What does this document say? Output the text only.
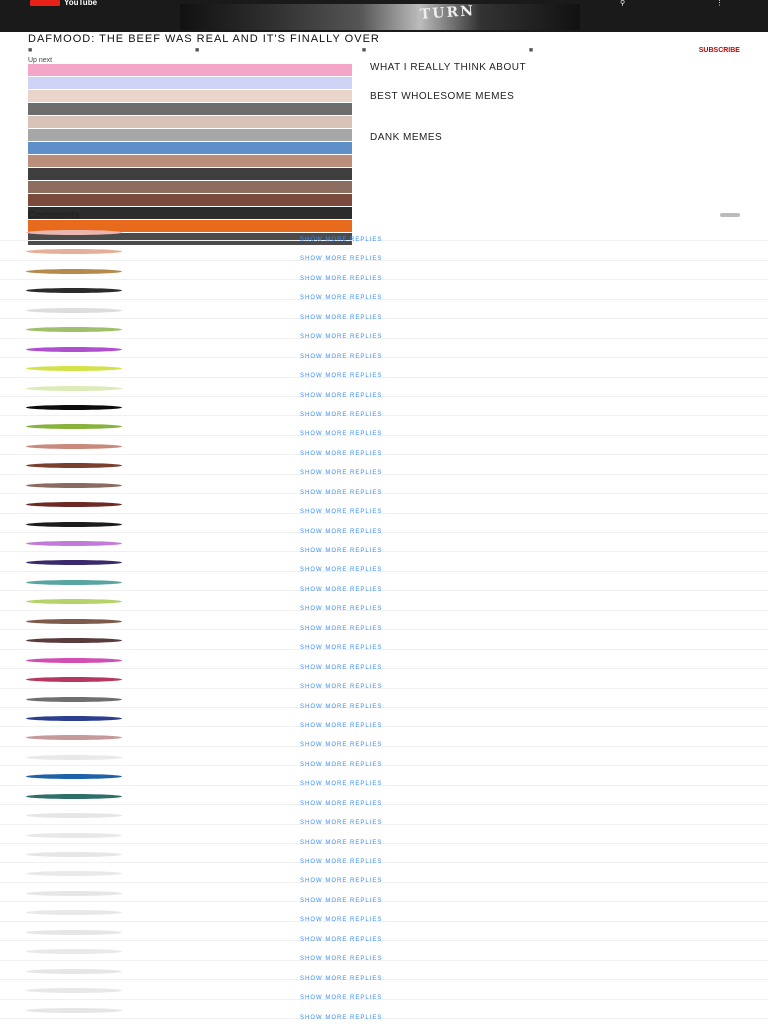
YouTube
TURN	⚲	⋮
DAFMOOD: THE BEEF WAS REAL AND IT'S FINALLY OVER
■	■	■	■	SUBSCRIBE
Up next
WHAT I REALLY THINK ABOUT
BEST WHOLESOME MEMES
DANK MEMES
Comments
SHOW MORE REPLIES
SHOW MORE REPLIES
SHOW MORE REPLIES
SHOW MORE REPLIES
SHOW MORE REPLIES
SHOW MORE REPLIES
SHOW MORE REPLIES
SHOW MORE REPLIES
SHOW MORE REPLIES
SHOW MORE REPLIES
SHOW MORE REPLIES
SHOW MORE REPLIES
SHOW MORE REPLIES
SHOW MORE REPLIES
SHOW MORE REPLIES
SHOW MORE REPLIES
SHOW MORE REPLIES
SHOW MORE REPLIES
SHOW MORE REPLIES
SHOW MORE REPLIES
SHOW MORE REPLIES
SHOW MORE REPLIES
SHOW MORE REPLIES
SHOW MORE REPLIES
SHOW MORE REPLIES
SHOW MORE REPLIES
SHOW MORE REPLIES
SHOW MORE REPLIES
SHOW MORE REPLIES
SHOW MORE REPLIES
SHOW MORE REPLIES
SHOW MORE REPLIES
SHOW MORE REPLIES
SHOW MORE REPLIES
SHOW MORE REPLIES
SHOW MORE REPLIES
SHOW MORE REPLIES
SHOW MORE REPLIES
SHOW MORE REPLIES
SHOW MORE REPLIES
SHOW MORE REPLIES
